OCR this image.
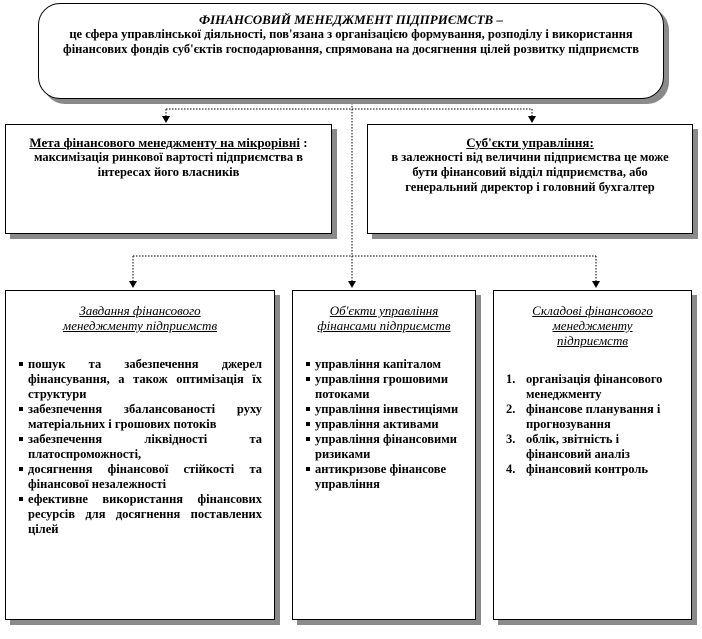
ФІНАНСОВИЙ МЕНЕДЖМЕНТ ПІДПРИЄМСТВ –
це сфера управлінської діяльності, пов'язана з організацією формування, розподілу і використання фінансових фондів суб'єктів господарювання, спрямована на досягнення цілей розвитку підприємств
Мета фінансового менеджменту на мікрорівні :
максимізація ринкової вартості підприємства в інтересах його власників
Суб'єкти управління:
в залежності від величини підприємства це може бути фінансовий відділ підприємства, або генеральний директор і головний бухгалтер
Завдання фінансового менеджменту підприємств
пошук та забезпечення джерел фінансування, а також оптимізація їх структури
забезпечення збалансованості руху матеріальних і грошових потоків
забезпечення ліквідності та платоспроможності,
досягнення фінансової стійкості та фінансової незалежності
ефективне використання фінансових ресурсів для досягнення поставлених цілей
Об'єкти управління фінансами підприємств
управління капіталом
управління грошовими потоками
управління інвестиціями
управління активами
управління фінансовими ризиками
антикризове фінансове управління
Складові фінансового менеджменту підприємств
1. організація фінансового менеджменту
2. фінансове планування і прогнозування
3. облік, звітність і фінансовий аналіз
4. фінансовий контроль
